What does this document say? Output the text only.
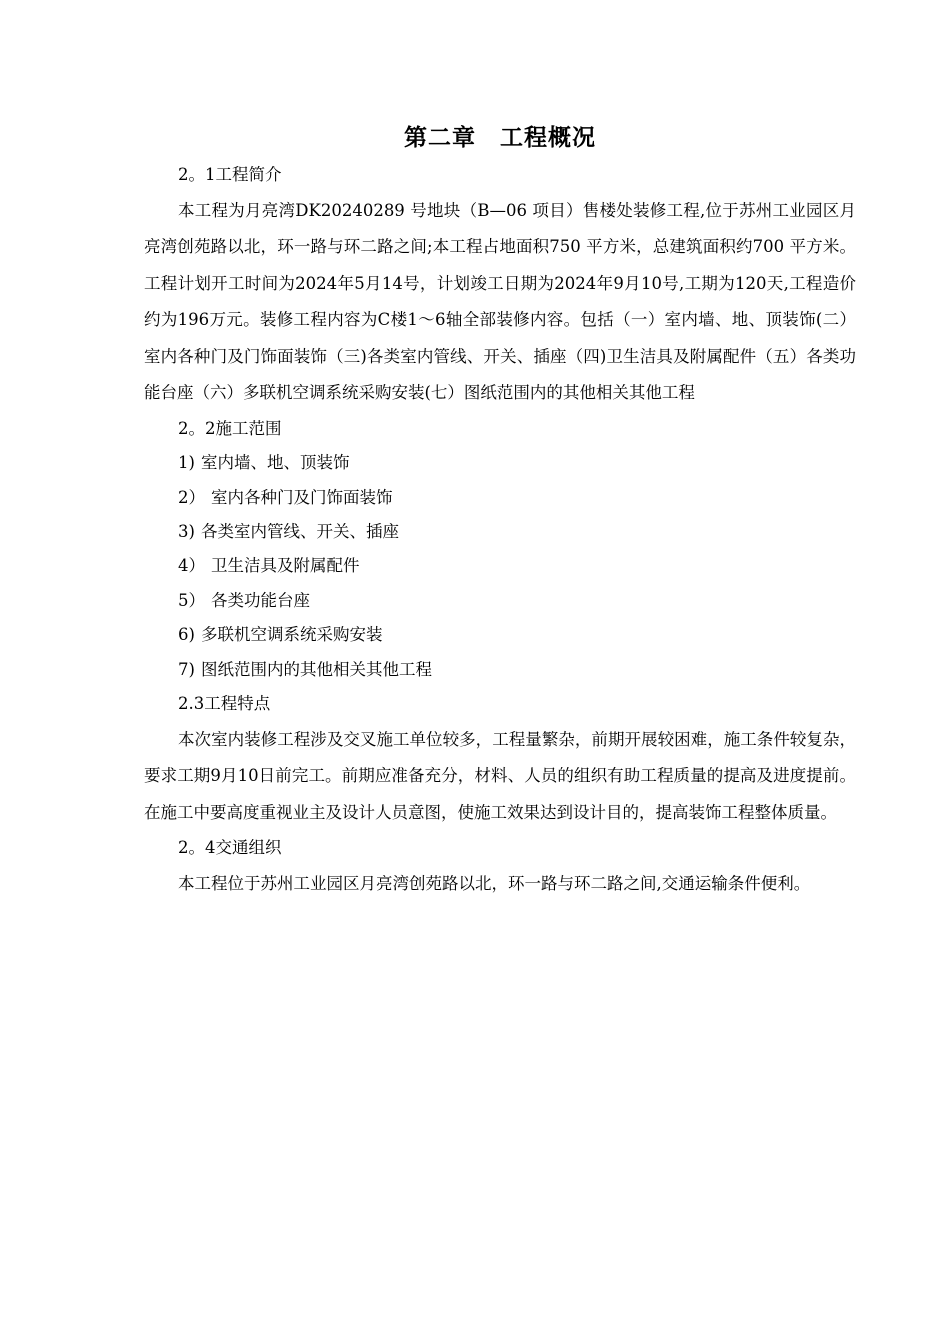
第二章　工程概况

2。1工程简介

本工程为月亮湾DK20240289 号地块（B—06 项目）售楼处装修工程,位于苏州工业园区月亮湾创苑路以北，环一路与环二路之间;本工程占地面积750 平方米，总建筑面积约700 平方米。工程计划开工时间为2024年5月14号，计划竣工日期为2024年9月10号,工期为120天,工程造价约为196万元。装修工程内容为C楼1～6轴全部装修内容。包括（一）室内墙、地、顶装饰(二）室内各种门及门饰面装饰（三)各类室内管线、开关、插座（四)卫生洁具及附属配件（五）各类功能台座（六）多联机空调系统采购安装(七）图纸范围内的其他相关其他工程

2。2施工范围

1) 室内墙、地、顶装饰
2） 室内各种门及门饰面装饰
3) 各类室内管线、开关、插座
4） 卫生洁具及附属配件
5） 各类功能台座
6) 多联机空调系统采购安装
7) 图纸范围内的其他相关其他工程

2.3工程特点

本次室内装修工程涉及交叉施工单位较多，工程量繁杂，前期开展较困难，施工条件较复杂，要求工期9月10日前完工。前期应准备充分，材料、人员的组织有助工程质量的提高及进度提前。在施工中要高度重视业主及设计人员意图，使施工效果达到设计目的，提高装饰工程整体质量。

2。4交通组织

本工程位于苏州工业园区月亮湾创苑路以北，环一路与环二路之间,交通运输条件便利。
